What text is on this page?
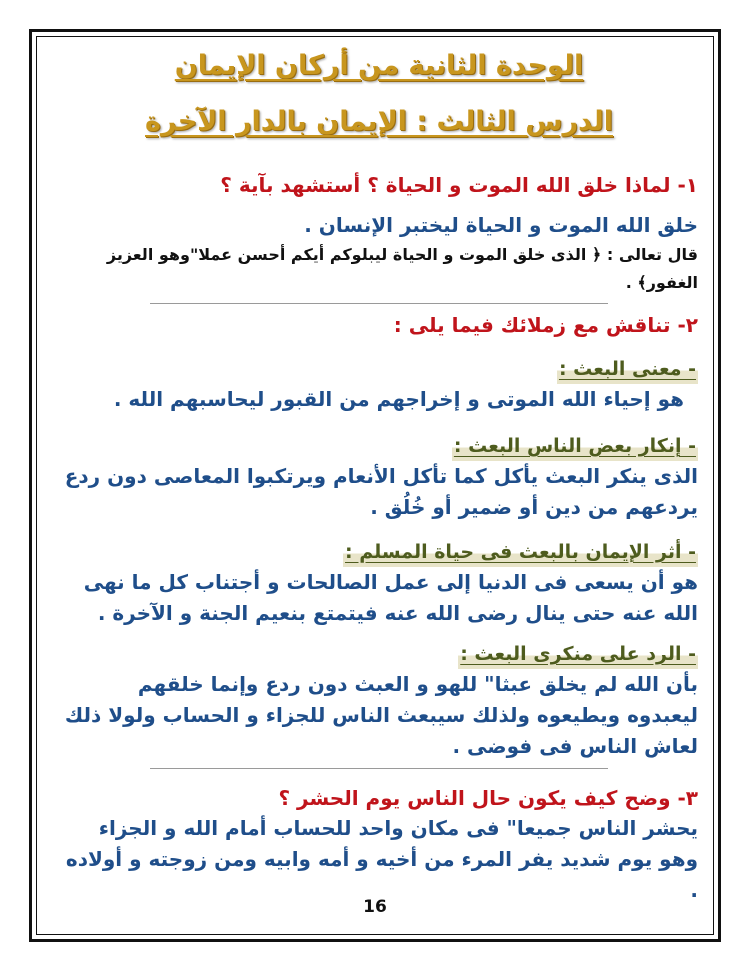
الوحدة الثانية من أركان الإيمان
الدرس الثالث : الإيمان بالدار الآخرة
١- لماذا خلق الله الموت و الحياة ؟ أستشهد بآية ؟
خلق الله الموت و الحياة ليختبر الإنسان .
قال تعالى : ﴿ الذى خلق الموت و الحياة ليبلوكم أيكم أحسن عملا"وهو العزيز الغفور﴾ .
٢- تناقش مع زملائك فيما يلى :
- معنى البعث :
هو إحياء الله الموتى و إخراجهم من القبور ليحاسبهم الله .
- إنكار بعض الناس البعث :
الذى ينكر البعث يأكل كما تأكل الأنعام ويرتكبوا المعاصى دون ردع يردعهم من دين أو ضمير أو خُلُق .
- أثر الإيمان بالبعث فى حياة المسلم :
هو أن يسعى فى الدنيا إلى عمل الصالحات و أجتناب كل ما نهى الله عنه حتى ينال رضى الله عنه فيتمتع بنعيم الجنة و الآخرة .
- الرد على منكرى البعث :
بأن الله لم يخلق عبثا" للهو و العبث دون ردع وإنما خلقهم ليعبدوه ويطيعوه ولذلك سيبعث الناس للجزاء و الحساب ولولا ذلك لعاش الناس فى فوضى .
٣- وضح كيف يكون حال الناس يوم الحشر ؟
يحشر الناس جميعا" فى مكان واحد للحساب أمام الله و الجزاء وهو يوم شديد يفر المرء من أخيه و أمه وابيه ومن زوجته و أولاده .
16
